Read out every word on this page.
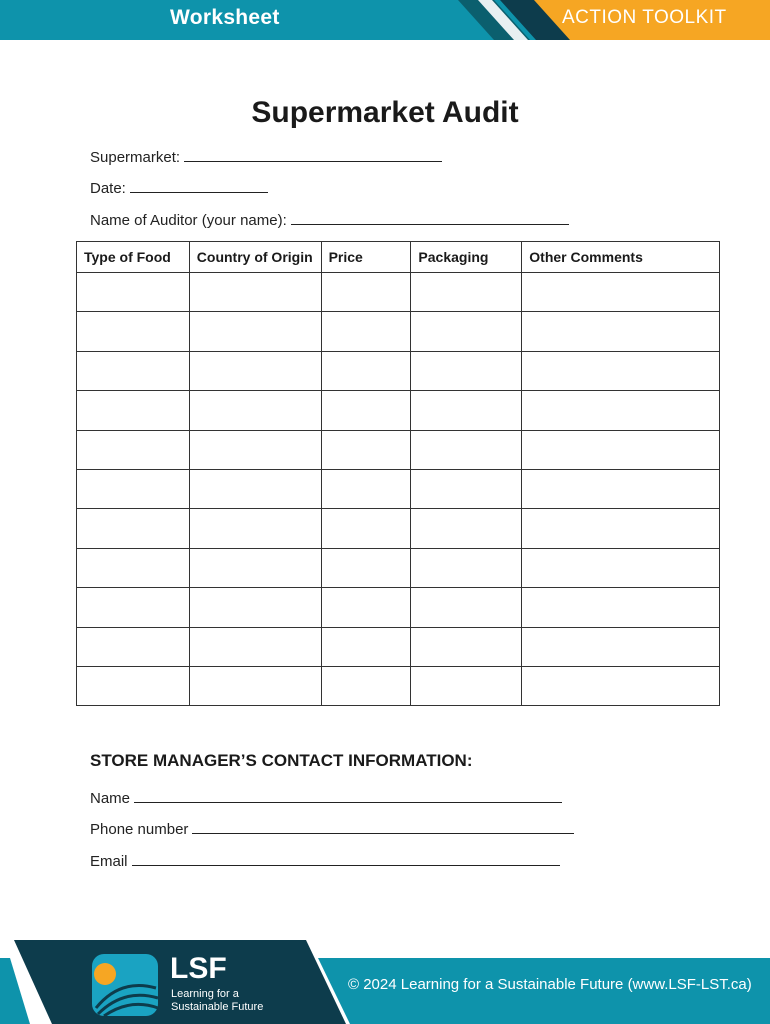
Worksheet	ACTION TOOLKIT
Supermarket Audit
Supermarket:
Date:
Name of Auditor (your name):
Type of Food	Country of Origin	Price	Packaging	Other Comments

STORE MANAGER’S CONTACT INFORMATION:
Name
Phone number
Email
LSF
Learning for a
Sustainable Future
© 2024 Learning for a Sustainable Future (www.LSF-LST.ca)
